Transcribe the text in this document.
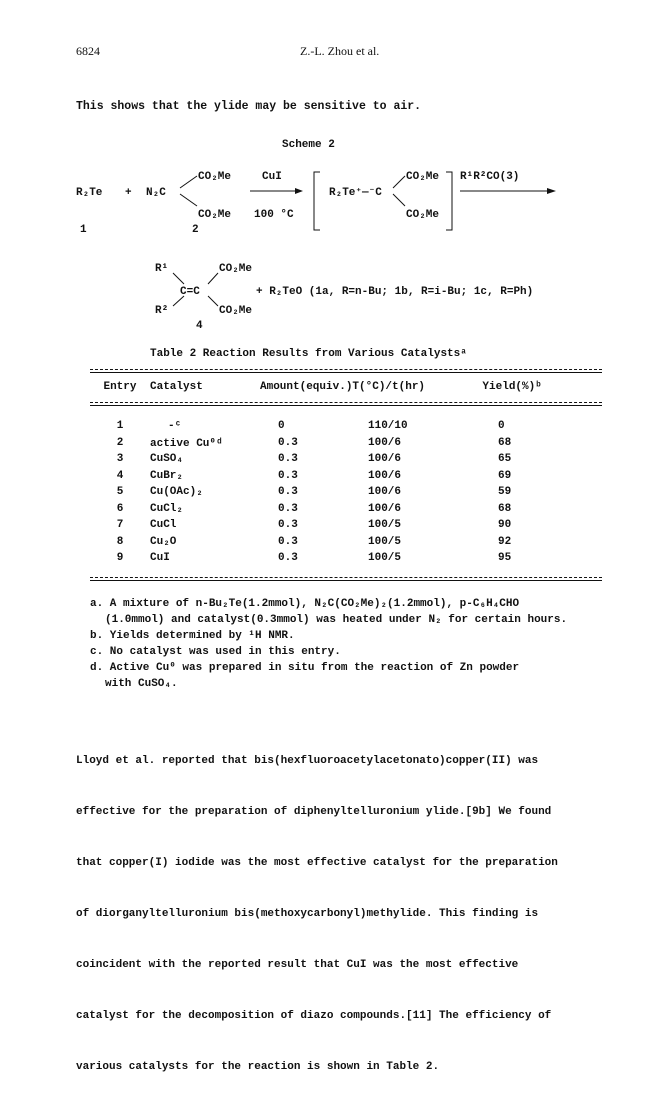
6824	Z.-L. Zhou et al.
This shows that the ylide may be sensitive to air.
Scheme 2
R₂Te +
1
N₂C
CO₂Me
CO₂Me
2
CuI
100 °C
R₂Te⁺—⁻C
CO₂Me
CO₂Me
R¹R²CO(3)
R¹
R²
C=C
CO₂Me
CO₂Me
4
+ R₂TeO (1a, R=n-Bu; 1b, R=i-Bu; 1c, R=Ph)
Table 2 Reaction Results from Various Catalystsᵃ
Entry	Catalyst	Amount(equiv.)	T(°C)/t(hr)	Yield(%)ᵇ
1	-ᶜ	0	110/10	0
2	active Cu⁰ᵈ	0.3	100/6	68
3	CuSO₄	0.3	100/6	65
4	CuBr₂	0.3	100/6	69
5	Cu(OAc)₂	0.3	100/6	59
6	CuCl₂	0.3	100/6	68
7	CuCl	0.3	100/5	90
8	Cu₂O	0.3	100/5	92
9	CuI	0.3	100/5	95
a. A mixture of n-Bu₂Te(1.2mmol), N₂C(CO₂Me)₂(1.2mmol), p-C₆H₄CHO
(1.0mmol) and catalyst(0.3mmol) was heated under N₂ for certain hours.
b. Yields determined by ¹H NMR.
c. No catalyst was used in this entry.
d. Active Cu⁰ was prepared in situ from the reaction of Zn powder
with CuSO₄.

Lloyd et al. reported that bis(hexfluoroacetylacetonato)copper(II) was

effective for the preparation of diphenyltelluronium ylide.[9b] We found

that copper(I) iodide was the most effective catalyst for the preparation

of diorganyltelluronium bis(methoxycarbonyl)methylide. This finding is

coincident with the reported result that CuI was the most effective

catalyst for the decomposition of diazo compounds.[11] The efficiency of

various catalysts for the reaction is shown in Table 2.
